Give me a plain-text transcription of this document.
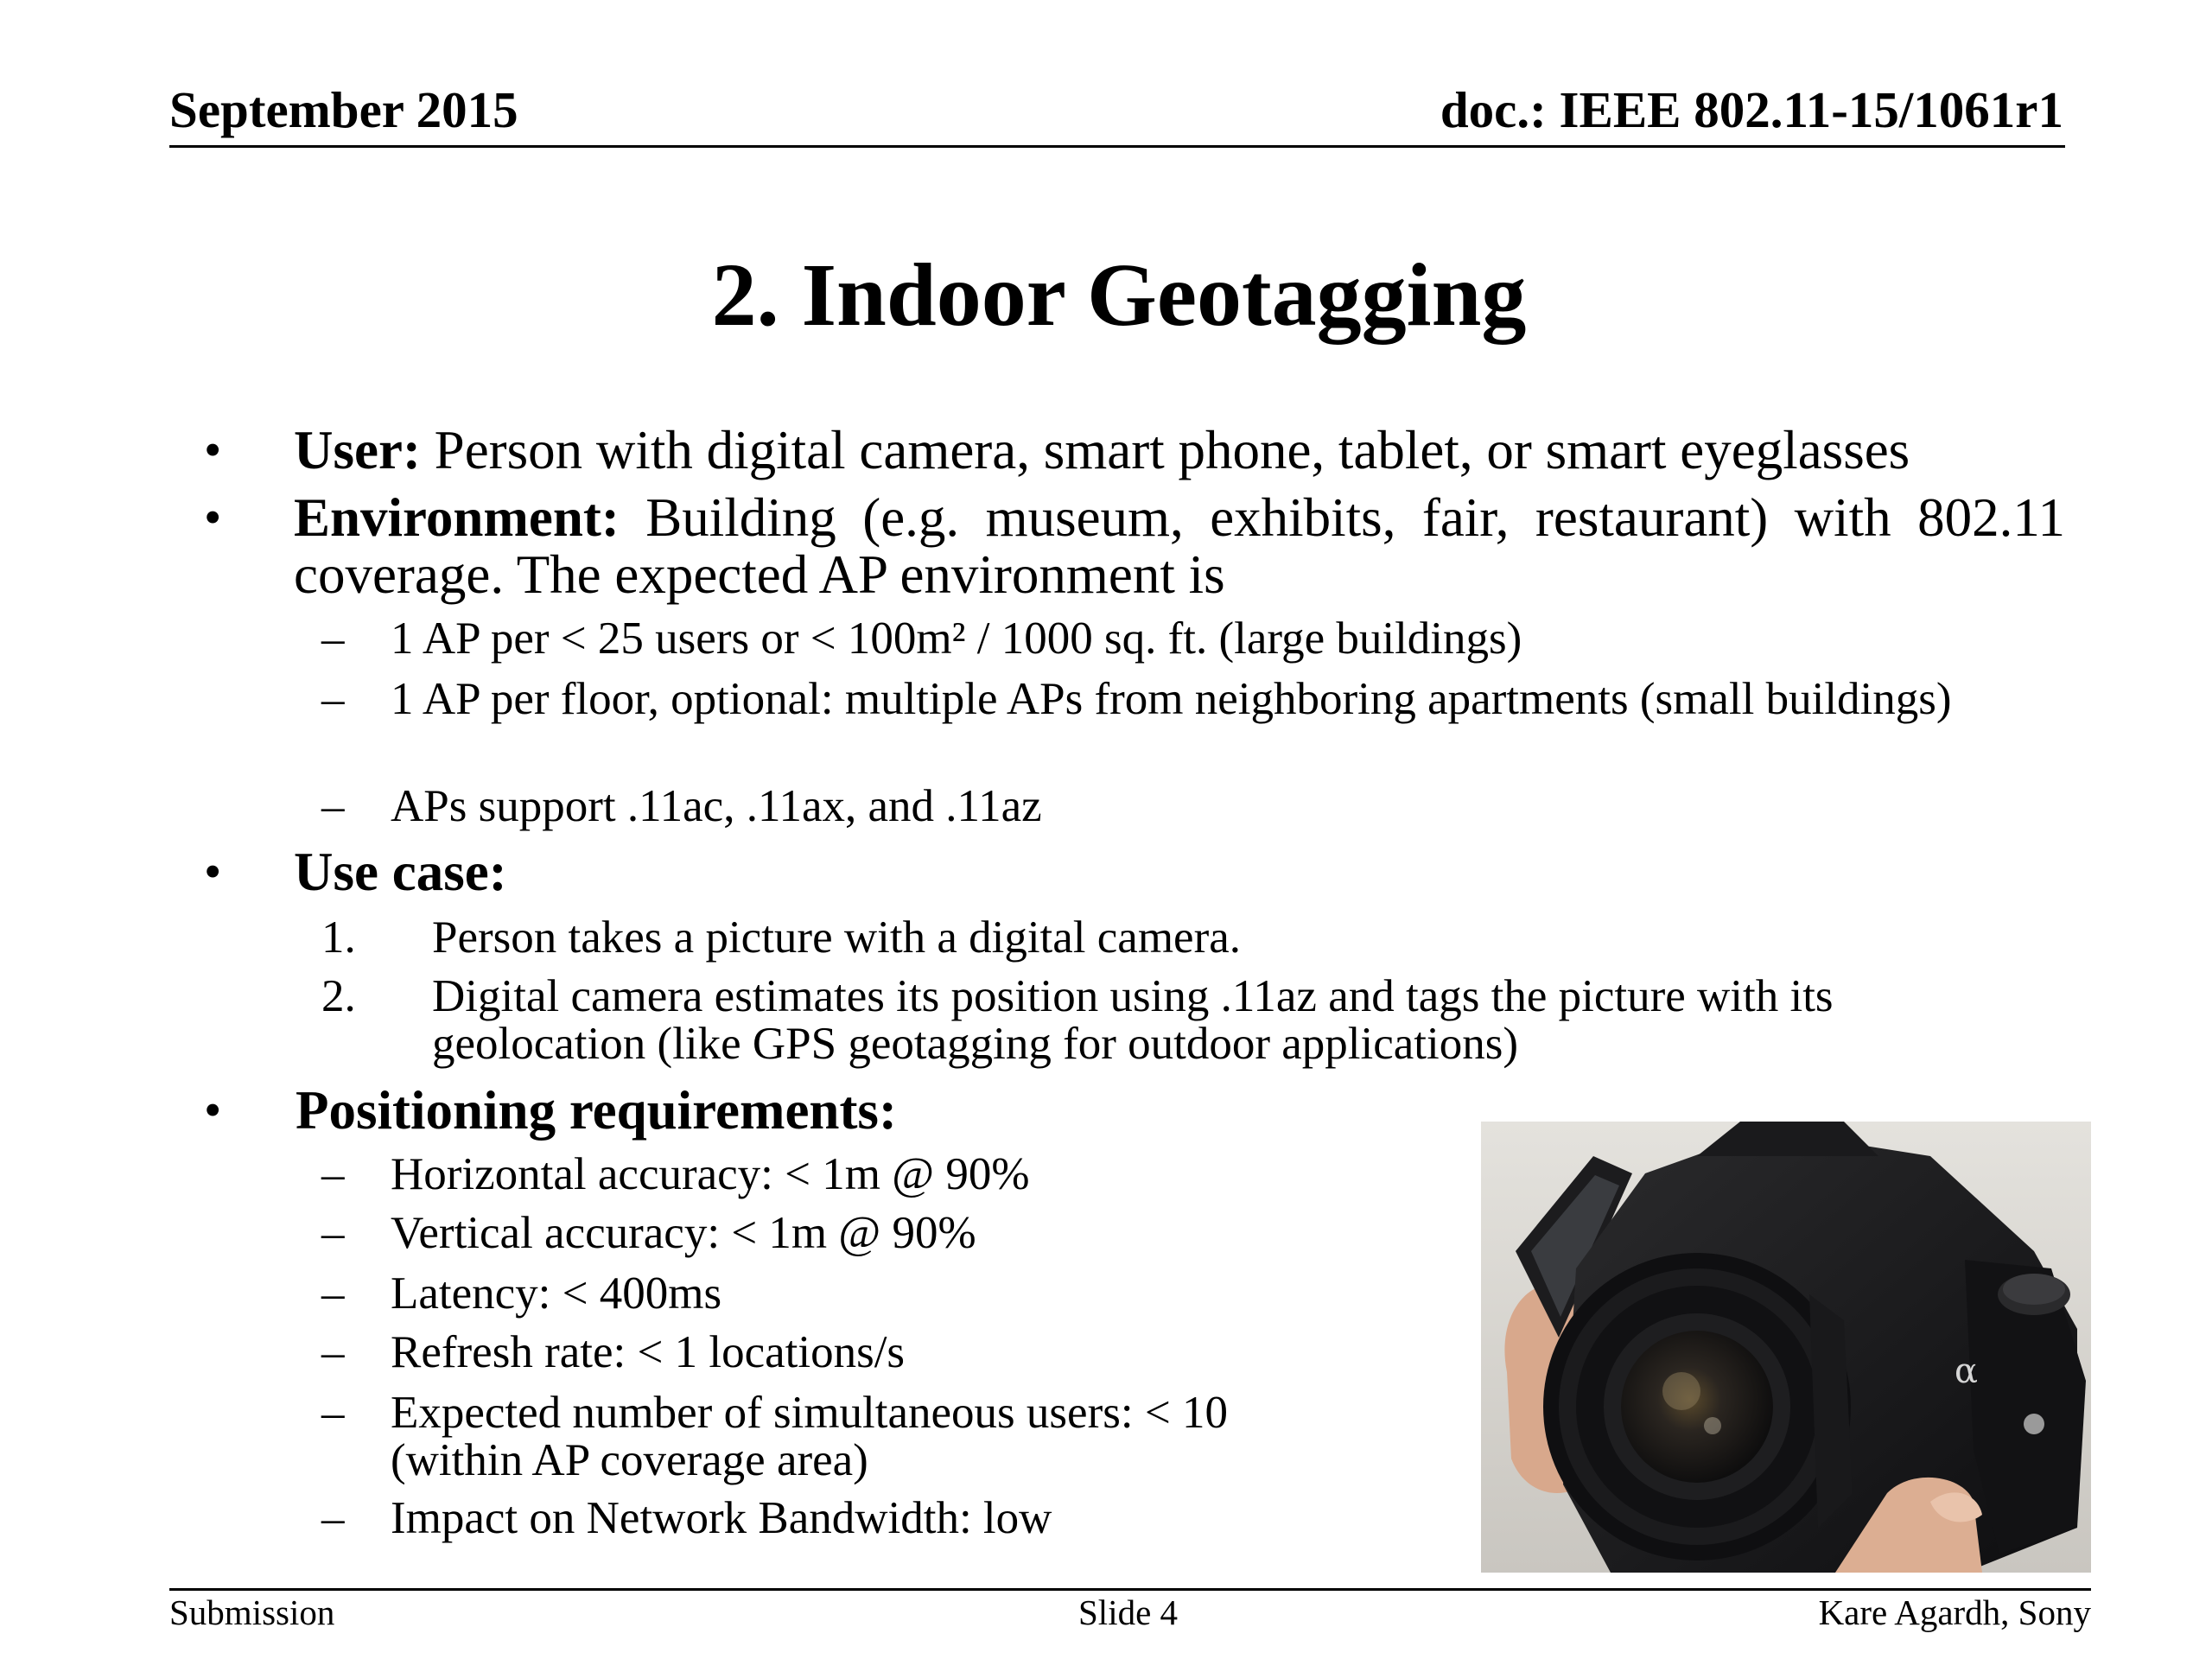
September 2015	doc.: IEEE 802.11-15/1061r1
2. Indoor Geotagging
• User: Person with digital camera, smart phone, tablet, or smart eyeglasses
• Environment: Building (e.g. museum, exhibits, fair, restaurant) with 802.11 coverage. The expected AP environment is
– 1 AP per < 25 users or < 100m² / 1000 sq. ft. (large buildings)
– 1 AP per floor, optional: multiple APs from neighboring apartments (small buildings)
– APs support .11ac, .11ax, and .11az
• Use case:
1. Person takes a picture with a digital camera.
2. Digital camera estimates its position using .11az and tags the picture with its geolocation (like GPS geotagging for outdoor applications)
• Positioning requirements:
– Horizontal accuracy: < 1m @ 90%
– Vertical accuracy: < 1m @ 90%
– Latency: < 400ms
– Refresh rate: < 1 locations/s
– Expected number of simultaneous users: < 10 (within AP coverage area)
– Impact on Network Bandwidth: low
α
Submission	Slide 4	Kare Agardh, Sony
